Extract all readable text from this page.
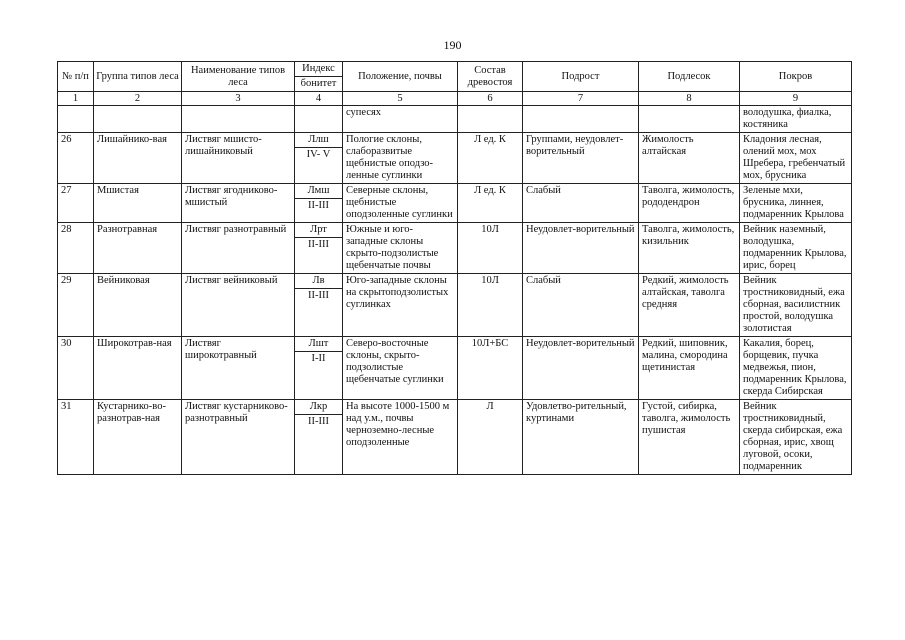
190
№ п/п	Группа типов леса	Наименование типов леса	Индекс	Положение, почвы	Состав древостоя	Подрост	Подлесок	Покров
			бонитет					
1	2	3	4	5	6	7	8	9
				супесях				володушка, фиалка, костяника
26	Лишайнико-вая	Листвяг мшисто-лишайниковый	Ллш	Пологие склоны, слаборазвитые щебнистые оподзо-ленные суглинки	Л ед. К	Группами, неудовлет-ворительный	Жимолость алтайская	Кладония лесная, олений мох, мох Шребера, гребенчатый мох, брусника
			IV- V					
27	Мшистая	Листвяг ягодниково-мшистый	Лмш	Северные склоны, щебнистые оподзоленные суглинки	Л ед. К	Слабый	Таволга, жимолость, рододендрон	Зеленые мхи, брусника, линнея, подмаренник Крылова
			II-III					
28	Разнотравная	Листвяг разнотравный	Лрт	Южные и юго-западные склоны скрыто-подзолистые щебенчатые почвы	10Л	Неудовлет-ворительный	Таволга, жимолость, кизильник	Вейник наземный, володушка, подмаренник Крылова, ирис, борец
			II-III					
29	Вейниковая	Листвяг вейниковый	Лв	Юго-западные склоны на скрытоподзолистых суглинках	10Л	Слабый	Редкий, жимолость алтайская, таволга средняя	Вейник тростниковидный, ежа сборная, василистник простой, володушка золотистая
			II-III					
30	Широкотрав-ная	Листвяг широкотравный	Лшт	Северо-восточные склоны, скрыто-подзолистые щебенчатые суглинки	10Л+БС	Неудовлет-ворительный	Редкий, шиповник, малина, смородина щетинистая	Какалия, борец, борщевик, пучка медвежья, пион, подмаренник Крылова, скерда Сибирская
			I-II					
31	Кустарнико-во-разнотрав-ная	Листвяг кустарниково-разнотравный	Лкр	На высоте 1000-1500 м над у.м., почвы черноземно-лесные оподзоленные	Л	Удовлетво-рительный, куртинами	Густой, сибирка, таволга, жимолость пушистая	Вейник тростниковидный, скерда сибирская, ежа сборная, ирис, хвощ луговой, осоки, подмаренник
			II-III					
